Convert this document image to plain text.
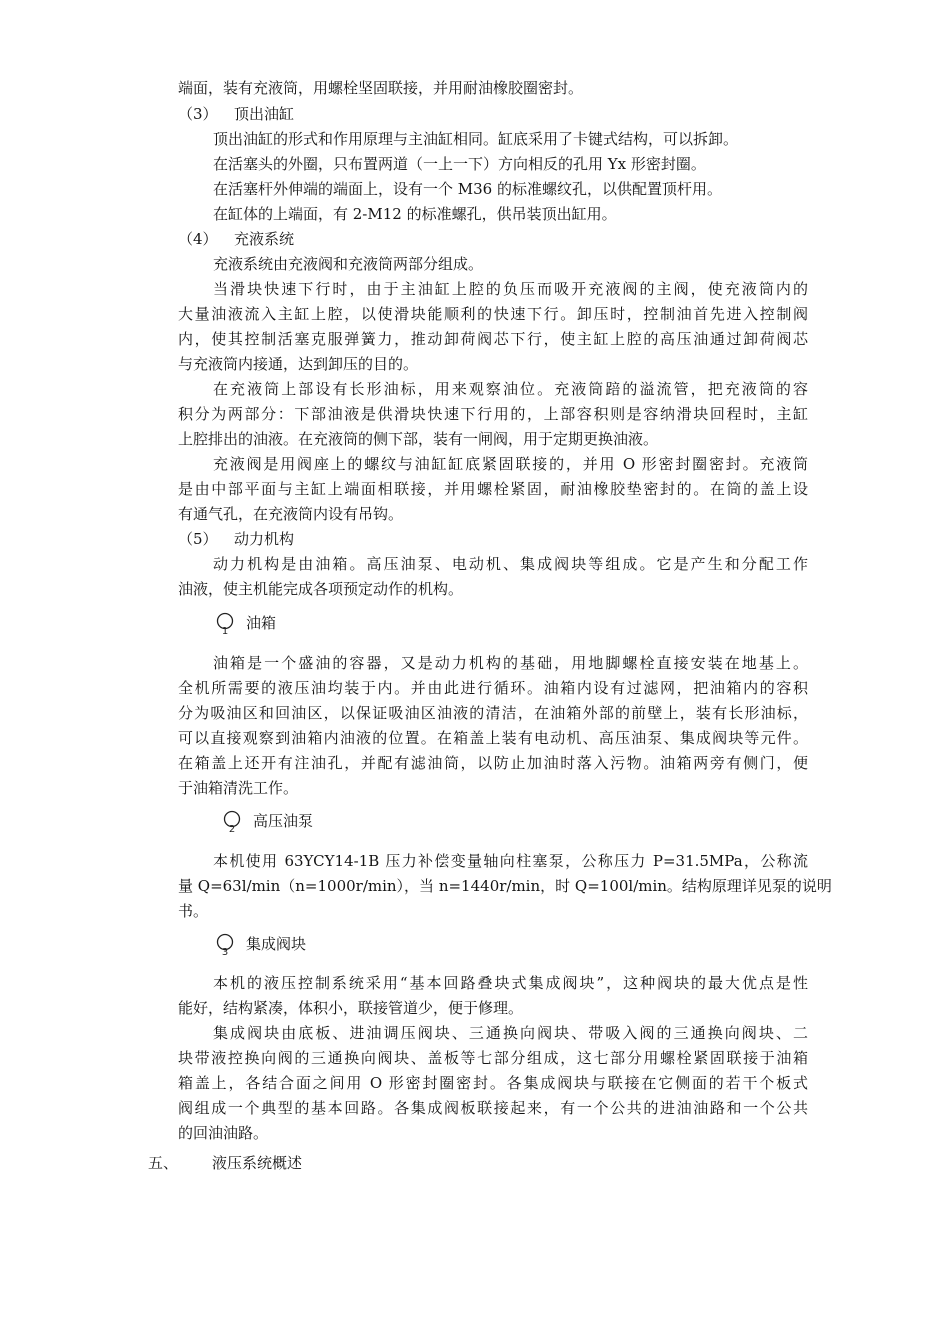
端面，装有充液筒，用螺栓坚固联接，并用耐油橡胶圈密封。
（3） 顶出油缸
顶出油缸的形式和作用原理与主油缸相同。缸底采用了卡键式结构，可以拆卸。
在活塞头的外圈，只布置两道（一上一下）方向相反的孔用 Yx 形密封圈。
在活塞杆外伸端的端面上，设有一个 M36 的标准螺纹孔，以供配置顶杆用。
在缸体的上端面，有 2-M12 的标准螺孔，供吊装顶出缸用。
（4） 充液系统
充液系统由充液阀和充液筒两部分组成。
当滑块快速下行时，由于主油缸上腔的负压而吸开充液阀的主阀，使充液筒内的
大量油液流入主缸上腔，以使滑块能顺利的快速下行。卸压时，控制油首先进入控制阀
内，使其控制活塞克服弹簧力，推动卸荷阀芯下行，使主缸上腔的高压油通过卸荷阀芯
与充液筒内接通，达到卸压的目的。
在充液筒上部设有长形油标，用来观察油位。充液筒踣的溢流管，把充液筒的容
积分为两部分：下部油液是供滑块快速下行用的，上部容积则是容纳滑块回程时，主缸
上腔排出的油液。在充液筒的侧下部，装有一闸阀，用于定期更换油液。
充液阀是用阀座上的螺纹与油缸缸底紧固联接的，并用 O 形密封圈密封。充液筒
是由中部平面与主缸上端面相联接，并用螺栓紧固，耐油橡胶垫密封的。在筒的盖上设
有通气孔，在充液筒内设有吊钩。
（5） 动力机构
动力机构是由油箱。高压油泵、电动机、集成阀块等组成。它是产生和分配工作
油液，使主机能完成各项预定动作的机构。
1 油箱
油箱是一个盛油的容器，又是动力机构的基础，用地脚螺栓直接安装在地基上。
全机所需要的液压油均装于内。并由此进行循环。油箱内设有过滤网，把油箱内的容积
分为吸油区和回油区，以保证吸油区油液的清洁，在油箱外部的前壁上，装有长形油标，
可以直接观察到油箱内油液的位置。在箱盖上装有电动机、高压油泵、集成阀块等元件。
在箱盖上还开有注油孔，并配有滤油筒，以防止加油时落入污物。油箱两旁有侧门，便
于油箱清洗工作。
2 高压油泵
本机使用 63YCY14-1B 压力补偿变量轴向柱塞泵，公称压力 P=31.5MPa，公称流
量 Q=63l/min（n=1000r/min），当 n=1440r/min，时 Q=100l/min。结构原理详见泵的说明
书。
3 集成阀块
本机的液压控制系统采用“基本回路叠块式集成阀块”，这种阀块的最大优点是性
能好，结构紧凑，体积小，联接管道少，便于修理。
集成阀块由底板、进油调压阀块、三通换向阀块、带吸入阀的三通换向阀块、二
块带液控换向阀的三通换向阀块、盖板等七部分组成，这七部分用螺栓紧固联接于油箱
箱盖上，各结合面之间用 O 形密封圈密封。各集成阀块与联接在它侧面的若干个板式
阀组成一个典型的基本回路。各集成阀板联接起来，有一个公共的进油油路和一个公共
的回油油路。
五、 液压系统概述
